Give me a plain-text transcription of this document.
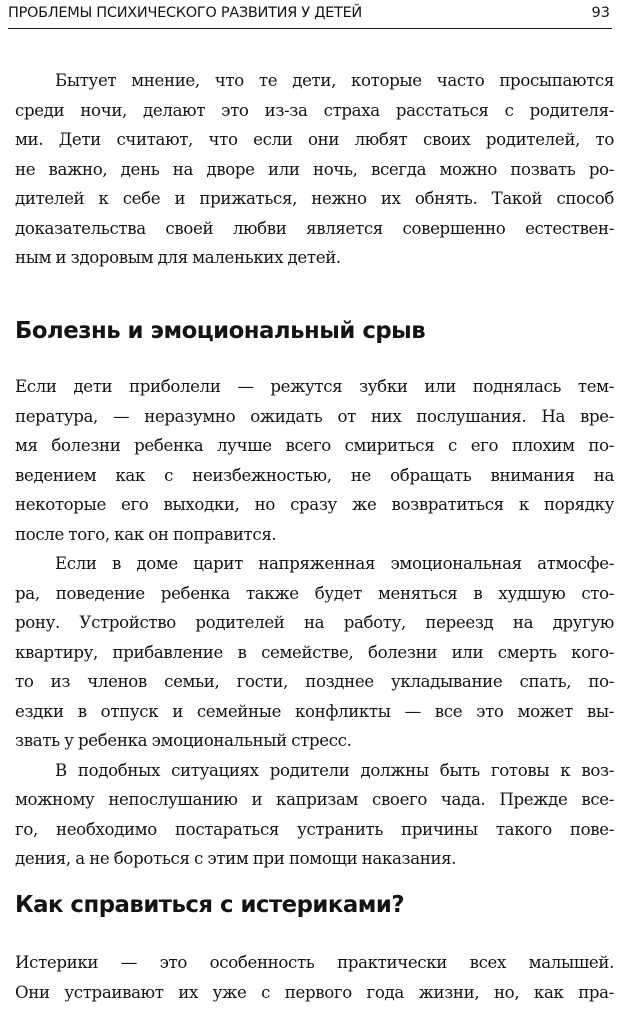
ПРОБЛЕМЫ ПСИХИЧЕСКОГО РАЗВИТИЯ У ДЕТЕЙ	93
Бытует мнение, что те дети, которые часто просыпаются
среди ночи, делают это из-за страха расстаться с родителя-
ми. Дети считают, что если они любят своих родителей, то
не важно, день на дворе или ночь, всегда можно позвать ро-
дителей к себе и прижаться, нежно их обнять. Такой способ
доказательства своей любви является совершенно естествен-
ным и здоровым для маленьких детей.
Болезнь и эмоциональный срыв
Если дети приболели — режутся зубки или поднялась тем-
пература, — неразумно ожидать от них послушания. На вре-
мя болезни ребенка лучше всего смириться с его плохим по-
ведением как с неизбежностью, не обращать внимания на
некоторые его выходки, но сразу же возвратиться к порядку
после того, как он поправится.
Если в доме царит напряженная эмоциональная атмосфе-
ра, поведение ребенка также будет меняться в худшую сто-
рону. Устройство родителей на работу, переезд на другую
квартиру, прибавление в семействе, болезни или смерть кого-
то из членов семьи, гости, позднее укладывание спать, по-
ездки в отпуск и семейные конфликты — все это может вы-
звать у ребенка эмоциональный стресс.
В подобных ситуациях родители должны быть готовы к воз-
можному непослушанию и капризам своего чада. Прежде все-
го, необходимо постараться устранить причины такого пове-
дения, а не бороться с этим при помощи наказания.
Как справиться с истериками?
Истерики — это особенность практически всех малышей.
Они устраивают их уже с первого года жизни, но, как пра-
